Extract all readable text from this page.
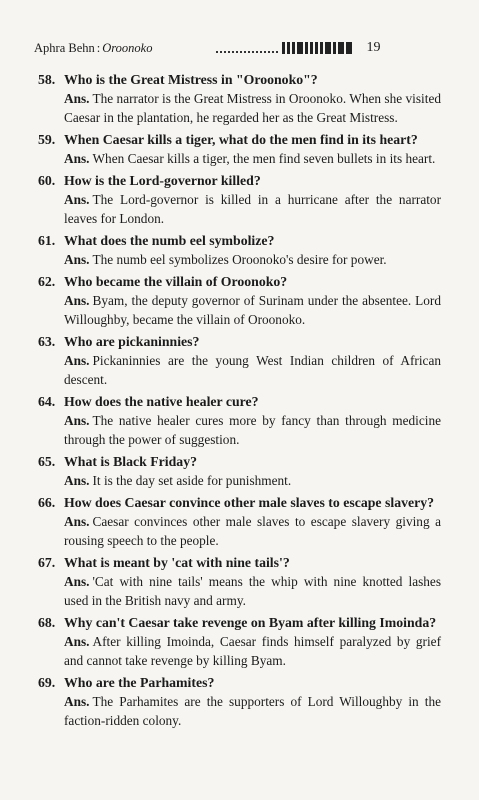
Aphra Behn : Oroonoko	19
58. Who is the Great Mistress in "Oroonoko"?
Ans. The narrator is the Great Mistress in Oroonoko. When she visited Caesar in the plantation, he regarded her as the Great Mistress.
59. When Caesar kills a tiger, what do the men find in its heart?
Ans. When Caesar kills a tiger, the men find seven bullets in its heart.
60. How is the Lord-governor killed?
Ans. The Lord-governor is killed in a hurricane after the narrator leaves for London.
61. What does the numb eel symbolize?
Ans. The numb eel symbolizes Oroonoko's desire for power.
62. Who became the villain of Oroonoko?
Ans. Byam, the deputy governor of Surinam under the absentee. Lord Willoughby, became the villain of Oroonoko.
63. Who are pickaninnies?
Ans. Pickaninnies are the young West Indian children of African descent.
64. How does the native healer cure?
Ans. The native healer cures more by fancy than through medicine through the power of suggestion.
65. What is Black Friday?
Ans. It is the day set aside for punishment.
66. How does Caesar convince other male slaves to escape slavery?
Ans. Caesar convinces other male slaves to escape slavery giving a rousing speech to the people.
67. What is meant by 'cat with nine tails'?
Ans. 'Cat with nine tails' means the whip with nine knotted lashes used in the British navy and army.
68. Why can't Caesar take revenge on Byam after killing Imoinda?
Ans. After killing Imoinda, Caesar finds himself paralyzed by grief and cannot take revenge by killing Byam.
69. Who are the Parhamites?
Ans. The Parhamites are the supporters of Lord Willoughby in the faction-ridden colony.
